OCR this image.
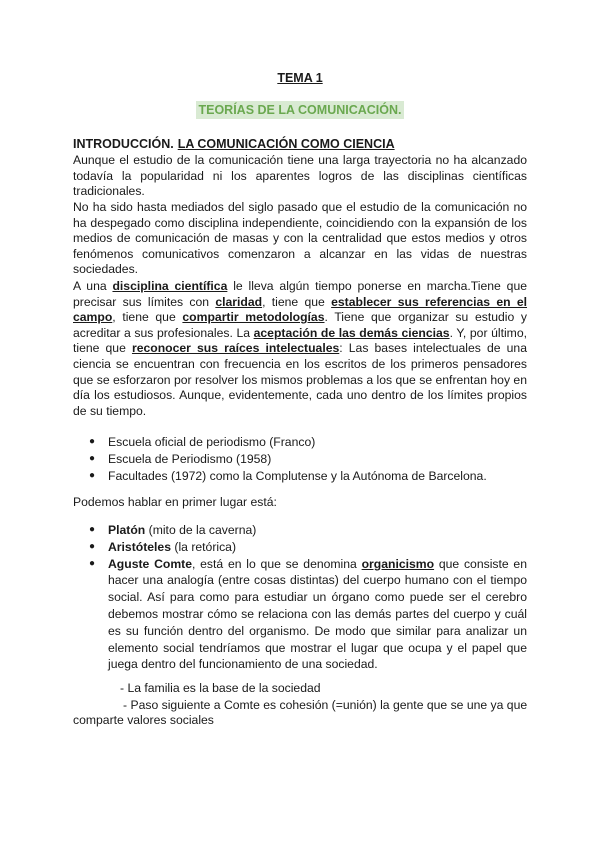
TEMA 1
TEORÍAS DE LA COMUNICACIÓN.
INTRODUCCIÓN. LA COMUNICACIÓN COMO CIENCIA

Aunque el estudio de la comunicación tiene una larga trayectoria no ha alcanzado todavía la popularidad ni los aparentes logros de las disciplinas científicas tradicionales.

No ha sido hasta mediados del siglo pasado que el estudio de la comunicación no ha despegado como disciplina independiente, coincidiendo con la expansión de los medios de comunicación de masas y con la centralidad que estos medios y otros fenómenos comunicativos comenzaron a alcanzar en las vidas de nuestras sociedades.

A una disciplina científica le lleva algún tiempo ponerse en marcha.Tiene que precisar sus límites con claridad, tiene que establecer sus referencias en el campo, tiene que compartir metodologías. Tiene que organizar su estudio y acreditar a sus profesionales. La aceptación de las demás ciencias. Y, por último, tiene que reconocer sus raíces intelectuales: Las bases intelectuales de una ciencia se encuentran con frecuencia en los escritos de los primeros pensadores que se esforzaron por resolver los mismos problemas a los que se enfrentan hoy en día los estudiosos. Aunque, evidentemente, cada uno dentro de los límites propios de su tiempo.

● Escuela oficial de periodismo (Franco)
● Escuela de Periodismo (1958)
● Facultades (1972) como la Complutense y la Autónoma de Barcelona.
Podemos hablar en primer lugar está:
● Platón (mito de la caverna)
● Aristóteles (la retórica)
● Aguste Comte, está en lo que se denomina organicismo que consiste en hacer una analogía (entre cosas distintas) del cuerpo humano con el tiempo social. Así para como para estudiar un órgano como puede ser el cerebro debemos mostrar cómo se relaciona con las demás partes del cuerpo y cuál es su función dentro del organismo. De modo que similar para analizar un elemento social tendríamos que mostrar el lugar que ocupa y el papel que juega dentro del funcionamiento de una sociedad.
- La familia es la base de la sociedad
- Paso siguiente a Comte es cohesión (=unión) la gente que se une ya que
comparte valores sociales
